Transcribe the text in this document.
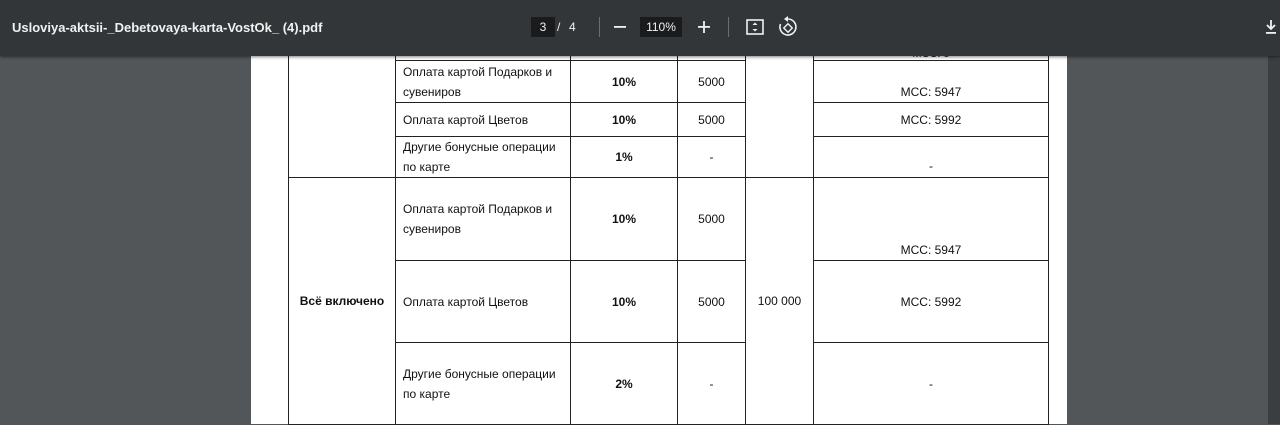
Usloviya-aktsii-_Debetovaya-karta-VostOk_ (4).pdf	3 / 4	110%

	Оплата картой Подарков и сувениров	10%	5000		МСС: 5947
	Оплата картой Цветов	10%	5000		МСС: 5992
	Другие бонусные операции по карте	1%	-		-
Всё включено	Оплата картой Подарков и сувениров	10%	5000	100 000	МСС: 5947
	Оплата картой Цветов	10%	5000		МСС: 5992
	Другие бонусные операции по карте	2%	-		-
